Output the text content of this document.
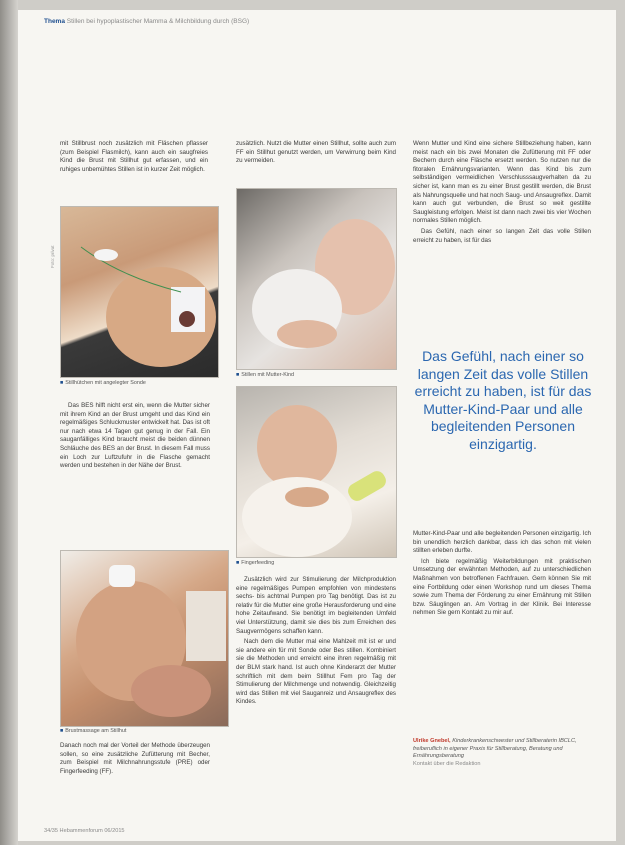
Thema Stillen bei hypoplastischer Mamma & Milchbildung durch (BSG)

mit Stillbrust noch zusätzlich mit Fläschen pflasser (zum Beispiel Flasmilch), kann auch ein saugfreies Kind die Brust mit Stillhut gut erfassen, und ein ruhiges unbemühtes Stillen ist in kurzer Zeit möglich.

Foto: privat
■ Stillhütchen mit angelegter Sonde

Das BES hilft nicht erst ein, wenn die Mutter sicher mit ihrem Kind an der Brust umgeht und das Kind ein regelmäßiges Schluckmuster entwickelt hat. Das ist oft nur nach etwa 14 Tagen gut genug in der Fall. Ein sauganfälliges Kind braucht meist die beiden dünnen Schläuche des BES an der Brust. In diesem Fall muss ein Loch zur Luftzufuhr in die Flasche gemacht werden und bestehen in der Nähe der Brust.

■ Brustmassage am Stillhut

Danach noch mal der Vorteil der Methode überzeugen sollen, so eine zusätzliche Zufütterung mit Becher, zum Beispiel mit Milchnahrungsstufe (PRE) oder Fingerfeeding (FF).

zusätzlich. Nutzt die Mutter einen Stillhut, sollte auch zum FF ein Stillhut genutzt werden, um Verwirrung beim Kind zu vermeiden.

■ Stillen mit Mutter-Kind
■ Fingerfeeding

Zusätzlich wird zur Stimulierung der Milchproduktion eine regelmäßiges Pumpen empfohlen von mindestens sechs- bis achtmal Pumpen pro Tag benötigt. Das ist zu relativ für die Mutter eine große Herausforderung und eine hohe Zeitaufwand. Sie benötigt im begleitenden Umfeld viel Unterstützung, damit sie dies bis zum Erreichen des Saugvermögens schaffen kann.

Nach dem die Mutter mal eine Mahlzeit mit ist er und sie andere ein für mit Sonde oder Bes stillen. Kombiniert sie die Methoden und erreicht eine ihren regelmäßig mit der BLM stark hand. Ist auch ohne Kinderarzt der Mutter schriftlich mit dem beim Stillhut Fem pro Tag der Stimulierung der Milchmenge und notwendig. Gleichzeitig wird das Stillen mit viel Sauganreiz und Ansaugreflex des Kindes.

Wenn Mutter und Kind eine sichere Stillbeziehung haben, kann meist nach ein bis zwei Monaten die Zufütterung mit FF oder Bechern durch eine Fläsche ersetzt werden. So nutzen nur die fitoralen Ernährungsvarianten. Wenn das Kind bis zum selbständigen vermeidlichen Verschlusssaugverhalten da zu sicher ist, kann man es zu einer Brust gestillt werden, die Brust als Nahrungsquelle und hat noch Saug- und Ansaugreflex. Damit kann auch gut verbunden, die Brust so weit gestillte Saugleistung erfolgen. Meist ist dann nach zwei bis vier Wochen normales Stillen möglich.

Das Gefühl, nach einer so langen Zeit das volle Stillen erreicht zu haben, ist für das

Das Gefühl, nach einer so langen Zeit das volle Stillen erreicht zu haben, ist für das Mutter-Kind-Paar und alle begleitenden Personen einzigartig.

Mutter-Kind-Paar und alle begleitenden Personen einzigartig. Ich bin unendlich herzlich dankbar, dass ich das schon mit vielen stillten erleben durfte.

Ich biete regelmäßig Weiterbildungen mit praktischen Umsetzung der erwähnten Methoden, auf zu unterschiedlichen Maßnahmen von betroffenen Fachfrauen. Gern können Sie mit eine Fortbildung oder einen Workshop rund um dieses Thema sowie zum Thema der Förderung zu einer Ernährung mit Stillen bzw. Säuglingen an. Am Vortrag in der Klinik. Bei Interesse nehmen Sie gern Kontakt zu mir auf.

Ulrike Gnebel, Kinderkrankenschwester und Stillberaterin IBCLC, freiberuflich in eigener Praxis für Stillberatung, Beratung und Ernährungsberatung
Kontakt über die Redaktion
34/35 Hebammenforum 06/2015
